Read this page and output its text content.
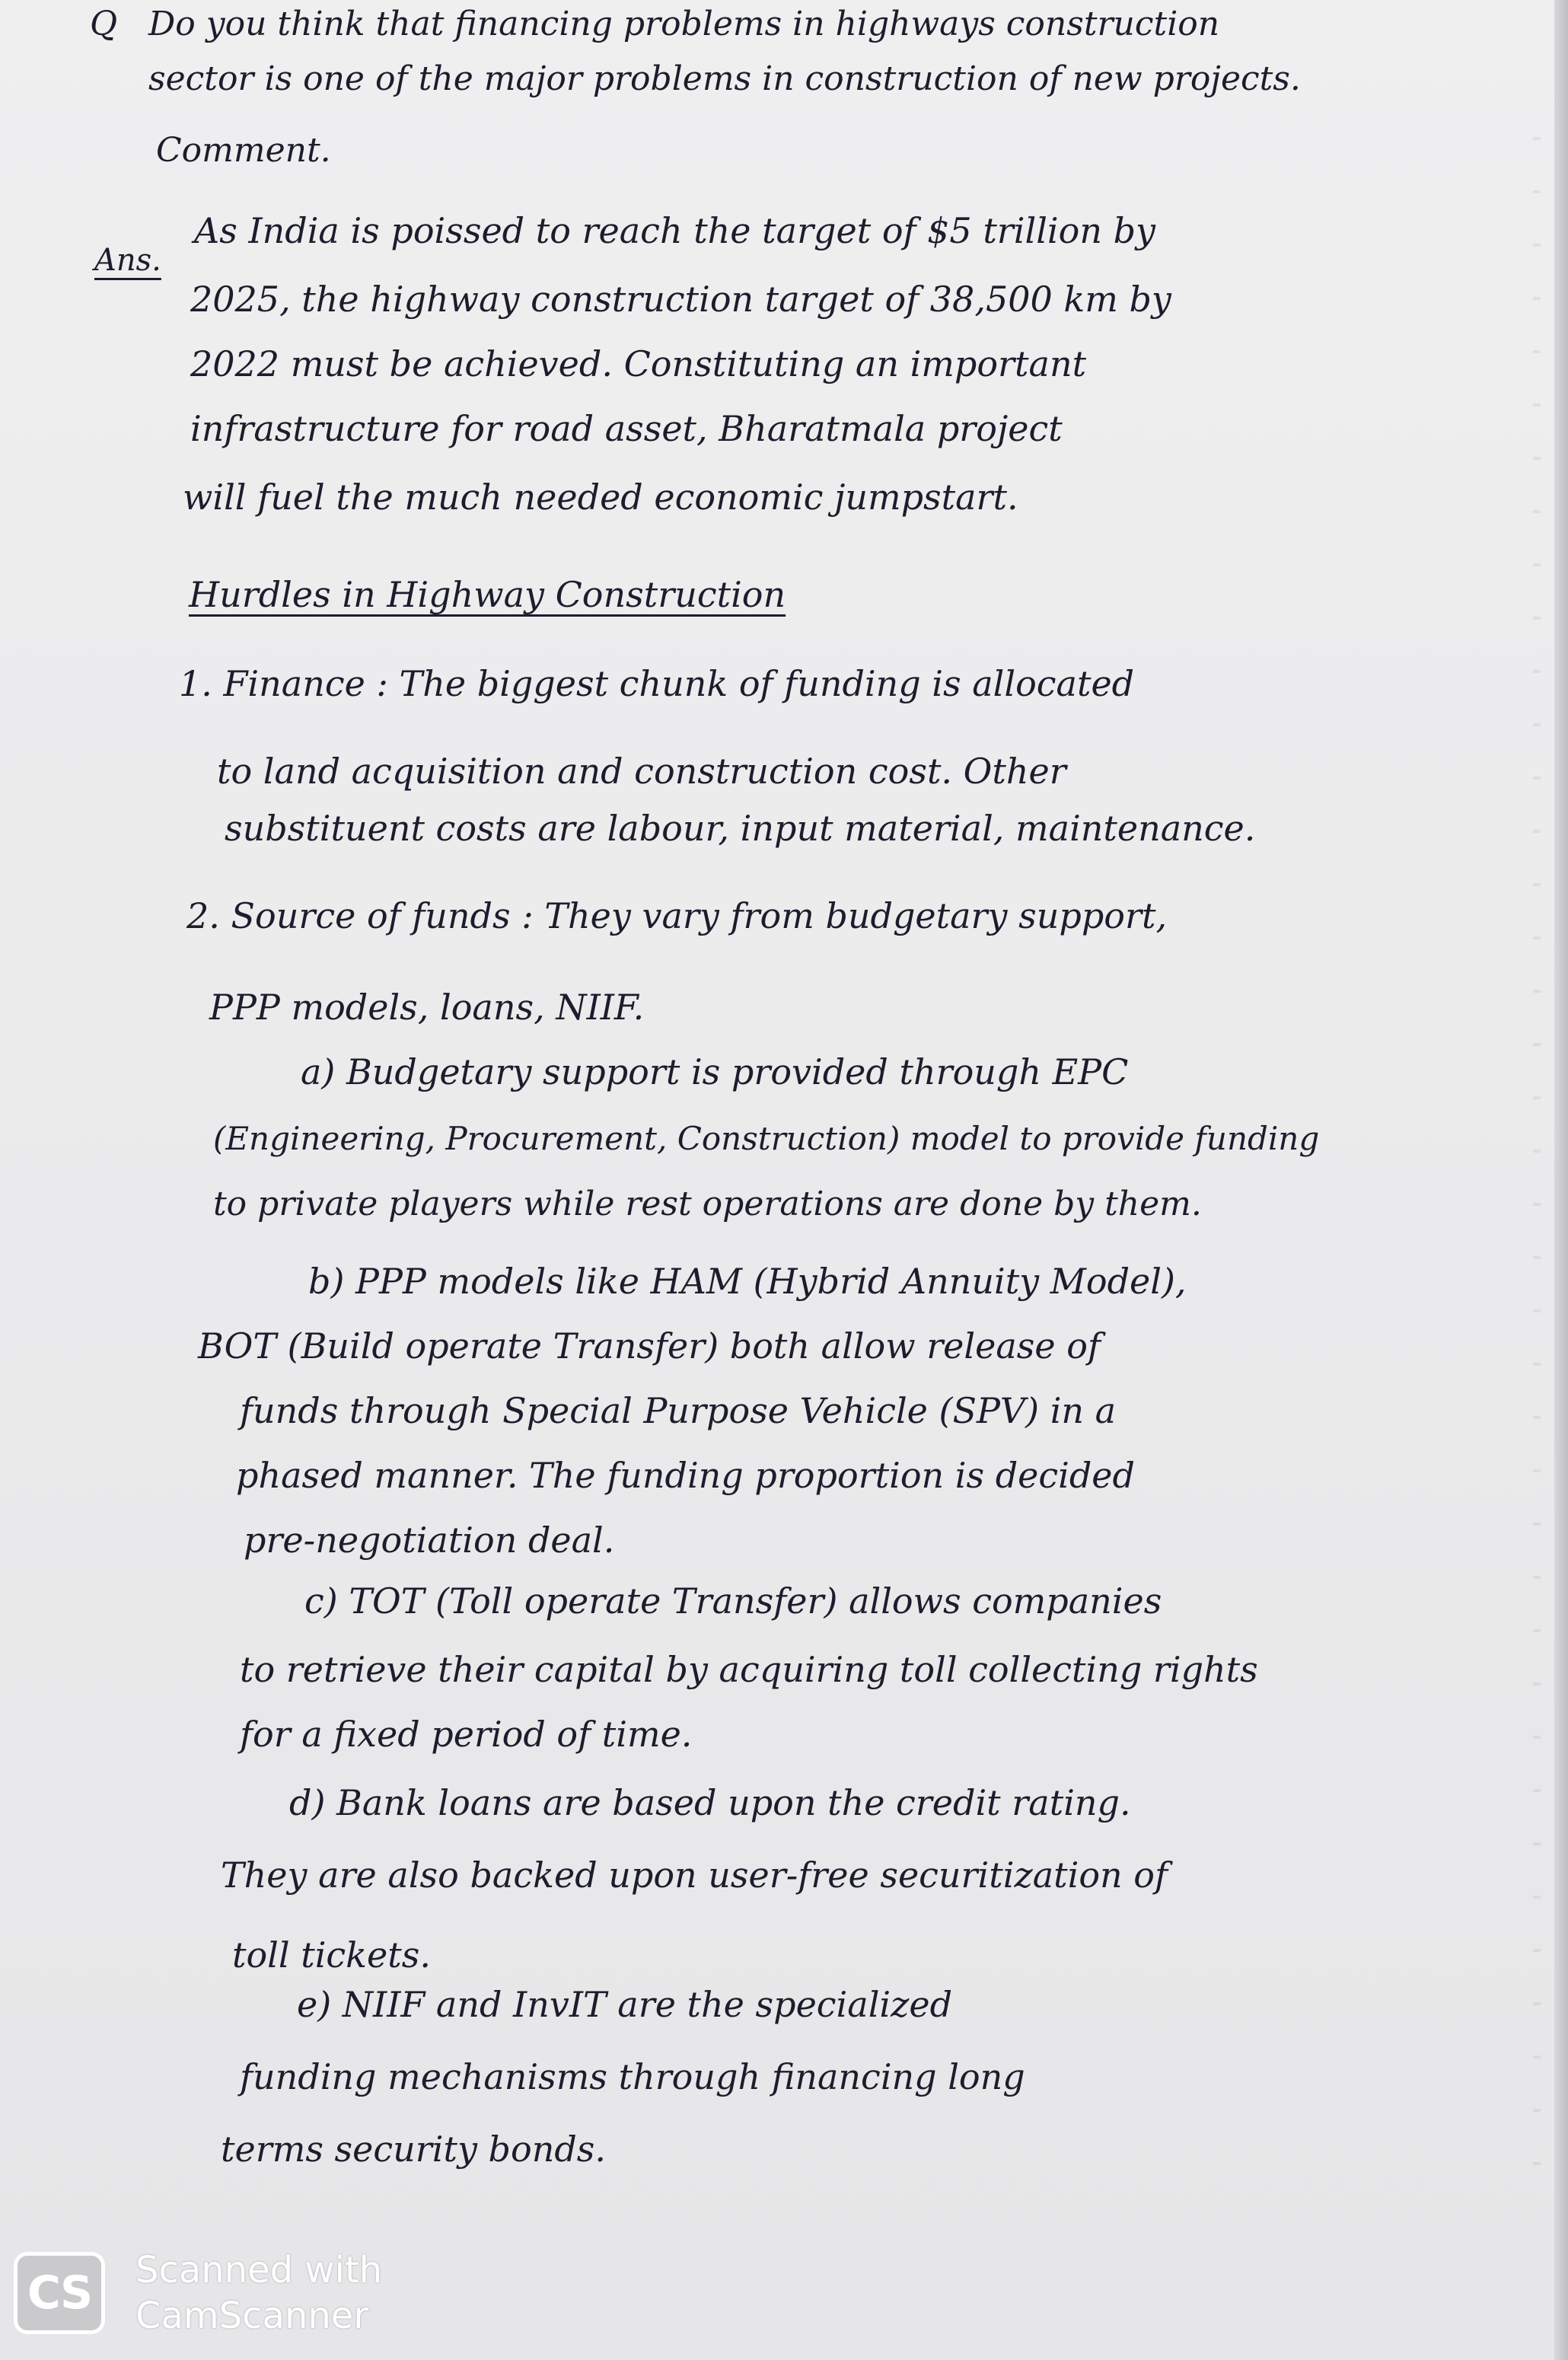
Q Do you think that financing problems in highways construction
sector is one of the major problems in construction of new projects.
Comment.
Ans.
As India is poissed to reach the target of $5 trillion by
2025, the highway construction target of 38,500 km by
2022 must be achieved. Constituting an important
infrastructure for road asset, Bharatmala project
will fuel the much needed economic jumpstart.
Hurdles in Highway Construction
1. Finance : The biggest chunk of funding is allocated
to land acquisition and construction cost. Other
substituent costs are labour, input material, maintenance.
2. Source of funds : They vary from budgetary support,
PPP models, loans, NIIF.
a) Budgetary support is provided through EPC
(Engineering, Procurement, Construction) model to provide funding
to private players while rest operations are done by them.
b) PPP models like HAM (Hybrid Annuity Model),
BOT (Build operate Transfer) both allow release of
funds through Special Purpose Vehicle (SPV) in a
phased manner. The funding proportion is decided
pre-negotiation deal.
c) TOT (Toll operate Transfer) allows companies
to retrieve their capital by acquiring toll collecting rights
for a fixed period of time.
d) Bank loans are based upon the credit rating.
They are also backed upon user-free securitization of
toll tickets.
e) NIIF and InvIT are the specialized
funding mechanisms through financing long
terms security bonds.
CS	Scanned with
CamScanner
